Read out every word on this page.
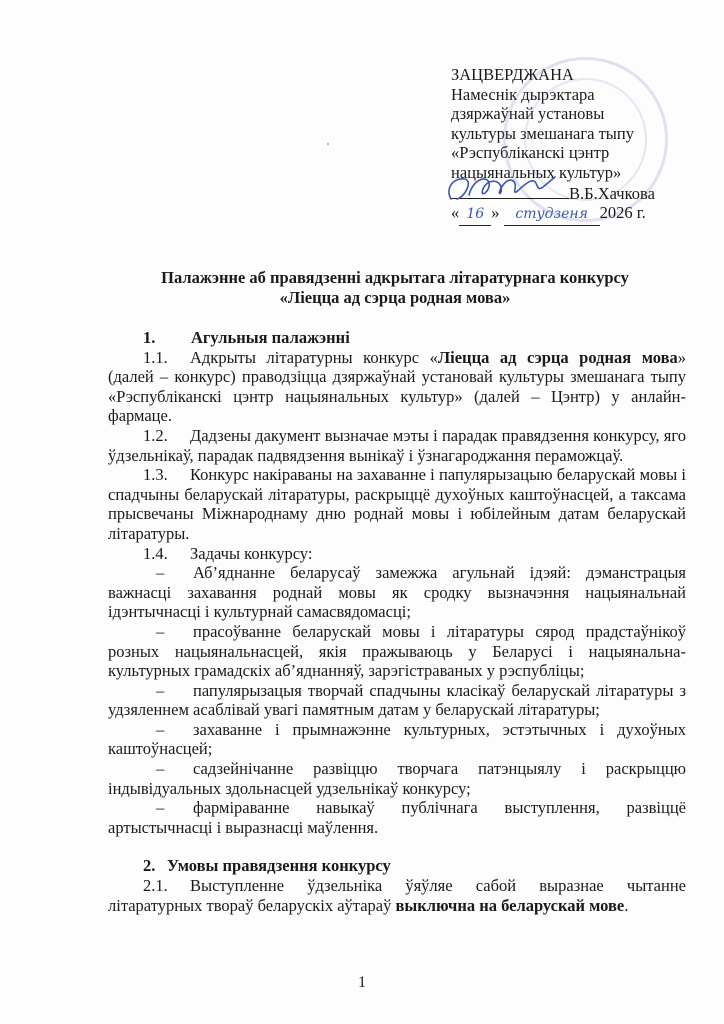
ЗАЦВЕРДЖАНА
Намеснік дырэктара
дзяржаўнай установы
культуры змешанага тыпу
«Рэспубліканскі цэнтр
нацыянальных культур»
В.Б.Хачкова
« 16 » студзеня 2026 г.
Палажэнне аб правядзенні адкрытага літаратурнага конкурсу
«Ліецца ад сэрца родная мова»
1. Агульныя палажэнні

1.1. Адкрыты літаратурны конкурс «Ліецца ад сэрца родная мова» (далей – конкурс) праводзіцца дзяржаўнай установай культуры змешанага тыпу «Рэспубліканскі цэнтр нацыянальных культур» (далей – Цэнтр) у анлайн-фармаце.

1.2. Дадзены дакумент вызначае мэты і парадак правядзення конкурсу, яго ўдзельнікаў, парадак падвядзення вынікаў і ўзнагароджання пераможцаў.

1.3. Конкурс накіраваны на захаванне і папулярызацыю беларускай мовы і спадчыны беларускай літаратуры, раскрыццё духоўных каштоўнасцей, а таксама прысвечаны Міжнароднаму дню роднай мовы і юбілейным датам беларускай літаратуры.

1.4. Задачы конкурсу:

– Аб’яднанне беларусаў замежжа агульнай ідэяй: дэманстрацыя важнасці захавання роднай мовы як сродку вызначэння нацыянальнай ідэнтычнасці і культурнай самасвядомасці;

– прасоўванне беларускай мовы і літаратуры сярод прадстаўнікоў розных нацыянальнасцей, якія пражываюць у Беларусі і нацыянальна-культурных грамадскіх аб’яднанняў, зарэгістраваных у рэспубліцы;

– папулярызацыя творчай спадчыны класікаў беларускай літаратуры з удзяленнем асаблівай увагі памятным датам у беларускай літаратуры;

– захаванне і прымнажэнне культурных, эстэтычных і духоўных каштоўнасцей;

– садзейнічанне развіццю творчага патэнцыялу і раскрыццю індывідуальных здольнасцей удзельнікаў конкурсу;

– фарміраванне навыкаў публічнага выступлення, развіццё артыстычнасці і выразнасці маўлення.

2. Умовы правядзення конкурсу

2.1. Выступленне ўдзельніка ўяўляе сабой выразнае чытанне літаратурных твораў беларускіх аўтараў выключна на беларускай мове.

1
